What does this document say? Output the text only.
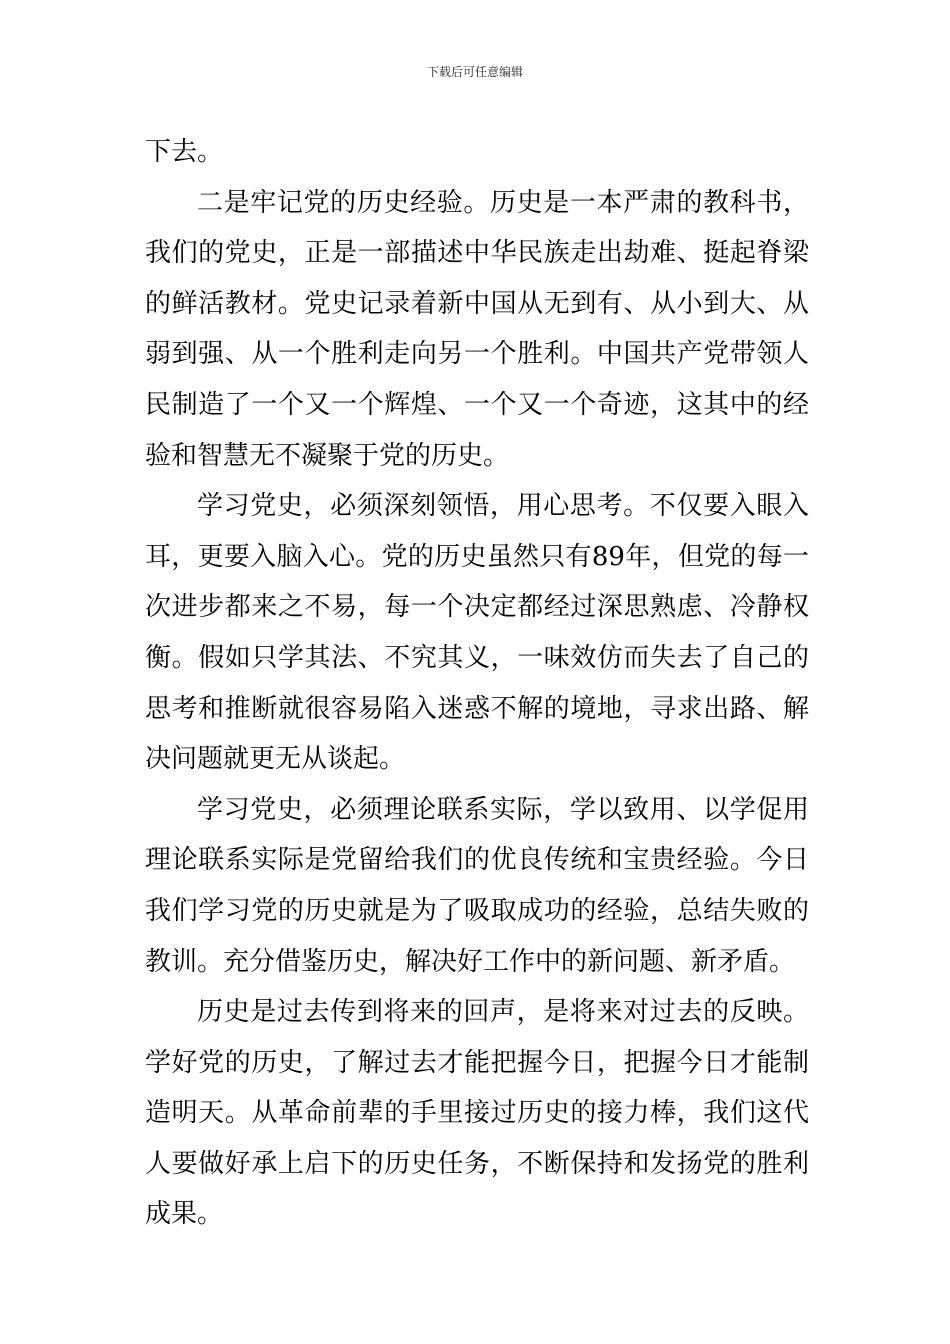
下载后可任意编辑

下去。

二是牢记党的历史经验。历史是一本严肃的教科书，我们的党史，正是一部描述中华民族走出劫难、挺起脊梁的鲜活教材。党史记录着新中国从无到有、从小到大、从弱到强、从一个胜利走向另一个胜利。中国共产党带领人民制造了一个又一个辉煌、一个又一个奇迹，这其中的经验和智慧无不凝聚于党的历史。

学习党史，必须深刻领悟，用心思考。不仅要入眼入耳，更要入脑入心。党的历史虽然只有89年，但党的每一次进步都来之不易，每一个决定都经过深思熟虑、冷静权衡。假如只学其法、不究其义，一味效仿而失去了自己的思考和推断就很容易陷入迷惑不解的境地，寻求出路、解决问题就更无从谈起。

学习党史，必须理论联系实际，学以致用、以学促用理论联系实际是党留给我们的优良传统和宝贵经验。今日我们学习党的历史就是为了吸取成功的经验，总结失败的教训。充分借鉴历史，解决好工作中的新问题、新矛盾。

历史是过去传到将来的回声，是将来对过去的反映。学好党的历史，了解过去才能把握今日，把握今日才能制造明天。从革命前辈的手里接过历史的接力棒，我们这代人要做好承上启下的历史任务，不断保持和发扬党的胜利成果。
